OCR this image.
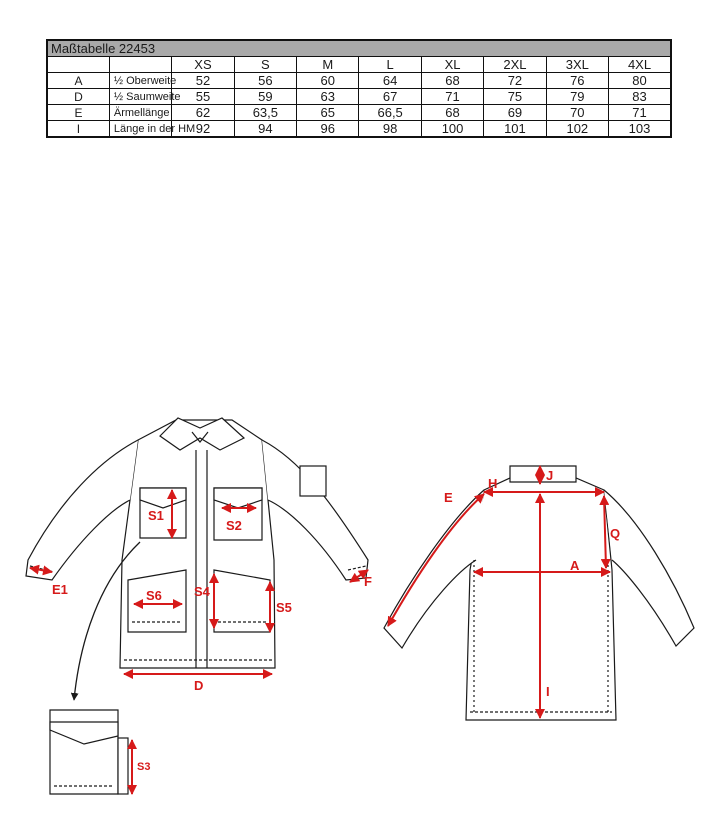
Maßtabelle 22453									
		XS	S	M	L	XL	2XL	3XL	4XL
A	½ Oberweite	52	56	60	64	68	72	76	80
D	½ Saumweite	55	59	63	67	71	75	79	83
E	Ärmellänge	62	63,5	65	66,5	68	69	70	71
I	Länge in der HM	92	94	96	98	100	101	102	103
S1
S2
S6 S4
S5
D
E1
F
S3
J
H
E
Q
A
I
